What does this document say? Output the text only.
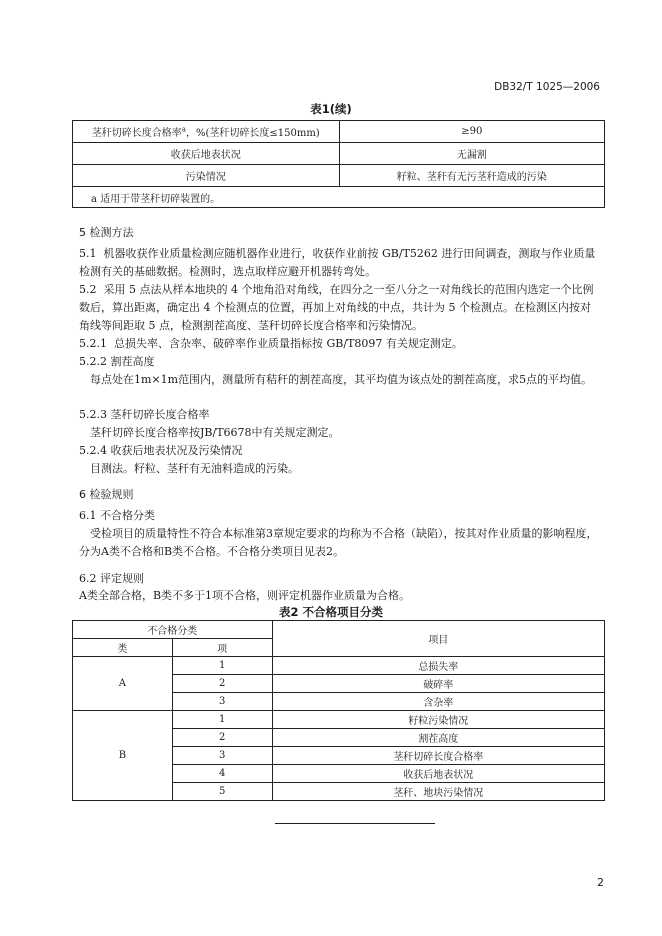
DB32/T 1025—2006
表1(续)
茎秆切碎长度合格率$^a$，%(茎秆切碎长度≤150mm)	≥90
收获后地表状况	无漏割
污染情况	籽粒、茎秆有无污茎秆造成的污染
a 适用于带茎秆切碎装置的。	
5 检测方法
5.1 机器收获作业质量检测应随机器作业进行，收获作业前按 GB/T5262 进行田间调查，测取与作业质量检测有关的基础数据。检测时，选点取样应避开机器转弯处。
5.2 采用 5 点法从样本地块的 4 个地角沿对角线，在四分之一至八分之一对角线长的范围内选定一个比例数后，算出距离，确定出 4 个检测点的位置，再加上对角线的中点，共计为 5 个检测点。在检测区内按对角线等间距取 5 点，检测割茬高度、茎秆切碎长度合格率和污染情况。
5.2.1 总损失率、含杂率、破碎率作业质量指标按 GB/T8097 有关规定测定。
5.2.2 割茬高度
每点处在1m×1m范围内，测量所有秸秆的割茬高度，其平均值为该点处的割茬高度，求5点的平均值。
5.2.3 茎秆切碎长度合格率
茎秆切碎长度合格率按JB/T6678中有关规定测定。
5.2.4 收获后地表状况及污染情况
目测法。籽粒、茎秆有无油料造成的污染。
6 检验规则
6.1 不合格分类
受检项目的质量特性不符合本标准第3章规定要求的均称为不合格（缺陷），按其对作业质量的影响程度，分为A类不合格和B类不合格。不合格分类项目见表2。
6.2 评定规则
A类全部合格，B类不多于1项不合格，则评定机器作业质量为合格。
表2 不合格项目分类
不合格分类		项目
类	项	
A	1	总损失率
	2	破碎率
	3	含杂率
B	1	籽粒污染情况
	2	割茬高度
	3	茎秆切碎长度合格率
	4	收获后地表状况
	5	茎秆、地块污染情况
2
